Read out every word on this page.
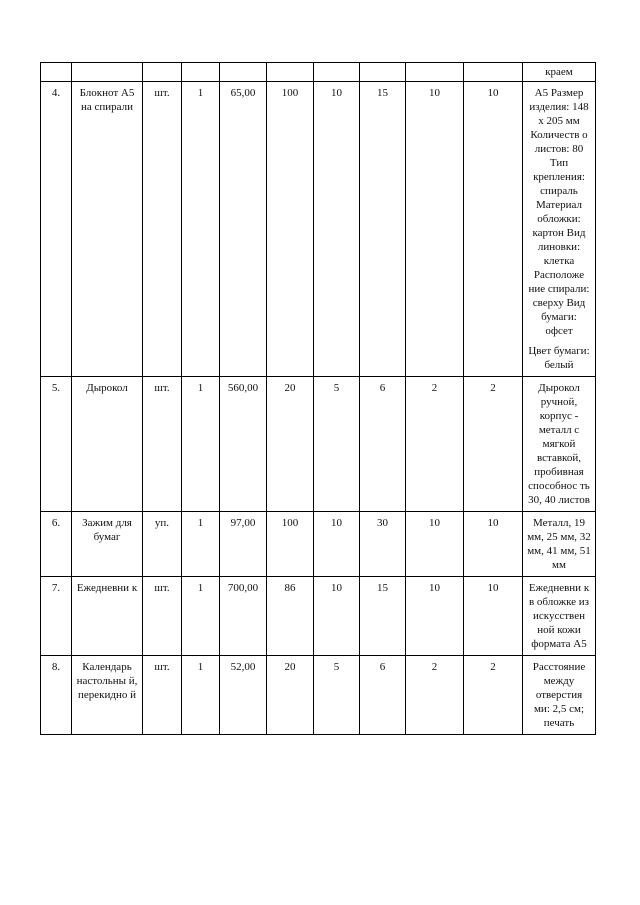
										краем
4.	Блокнот А5 на спирали	шт.	1	65,00	100	10	15	10	10	А5 Размер изделия: 148 х 205 мм Количеств о листов: 80 Тип крепления: спираль Материал обложки: картон Вид линовки: клетка Расположе ние спирали: сверху Вид бумаги: офсет
Цвет бумаги: белый

5.	Дырокол	шт.	1	560,00	20	5	6	2	2	Дырокол ручной, корпус - металл с мягкой вставкой, пробивная способнос ть 30, 40 листов
6.	Зажим для бумаг	уп.	1	97,00	100	10	30	10	10	Металл, 19 мм, 25 мм, 32 мм, 41 мм, 51 мм
7.	Ежедневни к	шт.	1	700,00	86	10	15	10	10	Ежедневни к в обложке из искусствен ной кожи формата А5
8.	Календарь настольны й, перекидно й	шт.	1	52,00	20	5	6	2	2	Расстояние между отверстия ми: 2,5 см; печать
